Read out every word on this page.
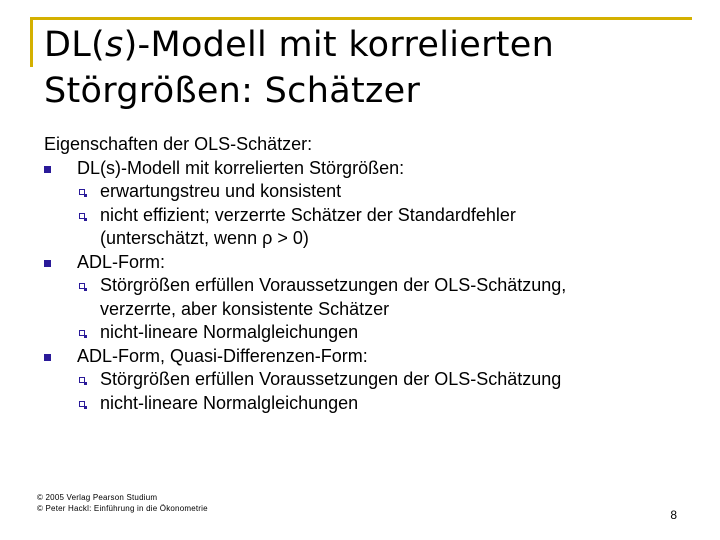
DL(s)-Modell mit korrelierten
Störgrößen: Schätzer
Eigenschaften der OLS-Schätzer:
DL(s)-Modell mit korrelierten Störgrößen:
erwartungstreu und konsistent
nicht effizient; verzerrte Schätzer der Standardfehler
(unterschätzt, wenn ρ > 0)
ADL-Form:
Störgrößen erfüllen Voraussetzungen der OLS-Schätzung,
verzerrte, aber konsistente Schätzer
nicht-lineare Normalgleichungen
ADL-Form, Quasi-Differenzen-Form:
Störgrößen erfüllen Voraussetzungen der OLS-Schätzung
nicht-lineare Normalgleichungen
© 2005 Verlag Pearson Studium
© Peter Hackl: Einführung in die Ökonometrie	8
